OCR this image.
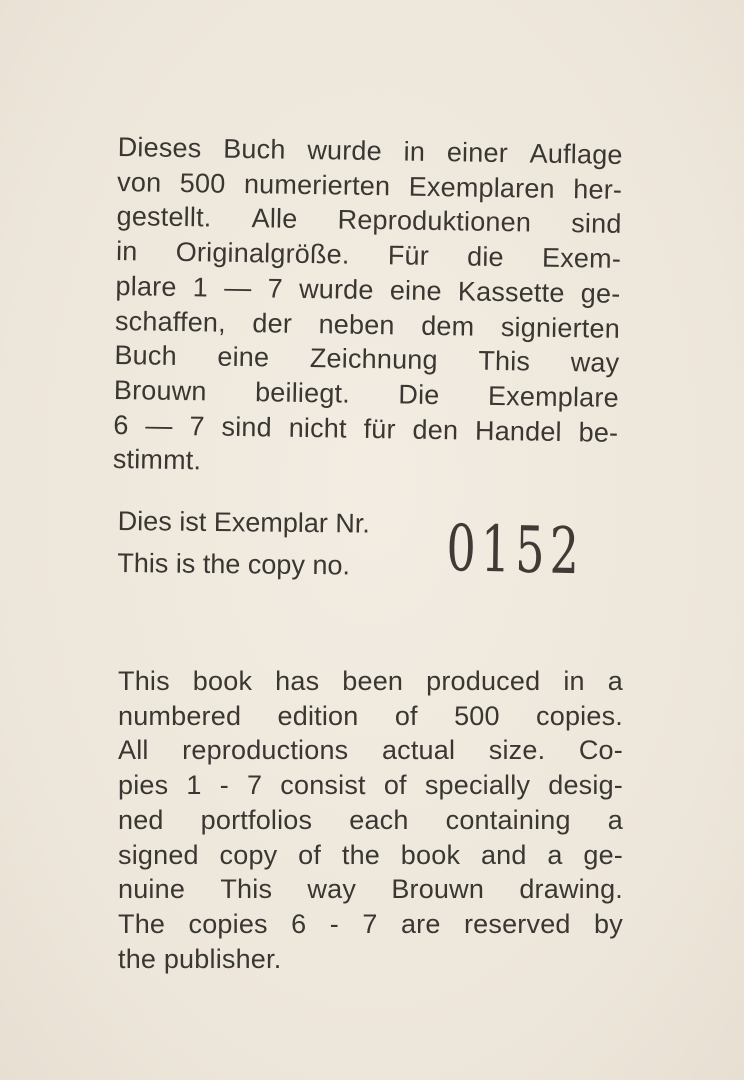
Dieses Buch wurde in einer Auflage
von 500 numerierten Exemplaren her-
gestellt. Alle Reproduktionen sind
in Originalgröße. Für die Exem-
plare 1 — 7 wurde eine Kassette ge-
schaffen, der neben dem signierten
Buch eine Zeichnung This way
Brouwn beiliegt. Die Exemplare
6 — 7 sind nicht für den Handel be-
stimmt.
Dies ist Exemplar Nr.
This is the copy no.	0152
This book has been produced in a
numbered edition of 500 copies.
All reproductions actual size. Co-
pies 1 - 7 consist of specially desig-
ned portfolios each containing a
signed copy of the book and a ge-
nuine This way Brouwn drawing.
The copies 6 - 7 are reserved by
the
publisher.
